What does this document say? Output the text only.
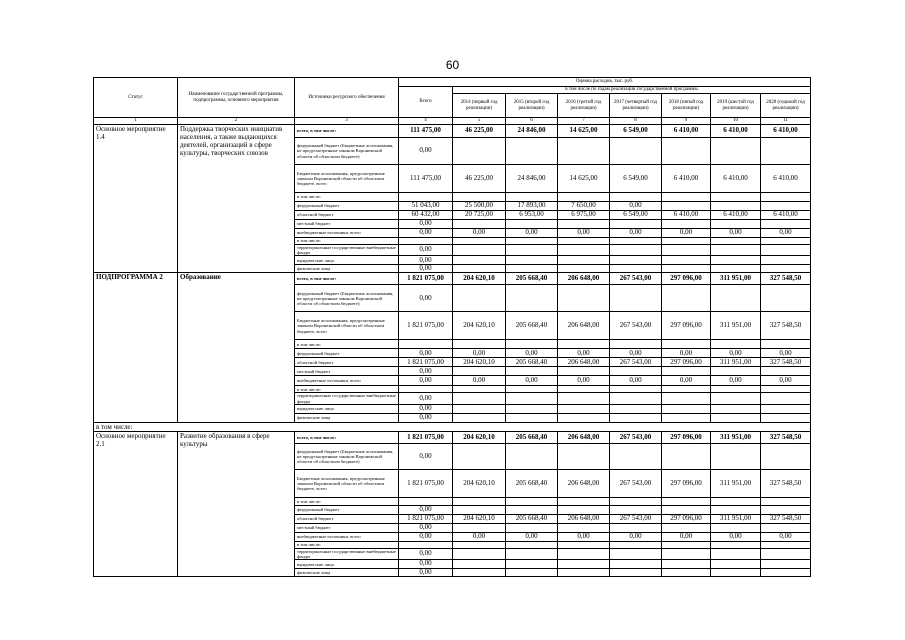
60
Статус	Наименование государственной программы, подпрограммы, основного мероприятия	Источники ресурсного обеспечения	Оценка расходов, тыс. руб.							
			Всего	в том числе по годам реализации государственной программы						
				2014 (первый год реализации)	2015 (второй год реализации)	2016 (третий год реализации)	2017 (четвертый год реализации)	2018 (пятый год реализации)	2019 (шестой год реализации)	2020 (седьмой год реализации)
1	2	3	4	5	6	7	8	9	10	11
Основное мероприятие 1.4	Поддержка творческих инициатив населения, а также выдающихся деятелей, организаций в сфере культуры, творческих союзов	всего, в том числе:	111 475,00	46 225,00	24 846,00	14 625,00	6 549,00	6 410,00	6 410,00	6 410,00
		федеральный бюджет (Бюджетные ассигнования, не предусмотренные законом Воронежской области об областном бюджете)	0,00							
		Бюджетные ассигнования, предусмотренные законом Воронежской области об областном бюджете, всего	111 475,00	46 225,00	24 846,00	14 625,00	6 549,00	6 410,00	6 410,00	6 410,00
		в том числе:								
		федеральный бюджет	51 043,00	25 500,00	17 893,00	7 650,00	0,00			
		областной бюджет	60 432,00	20 725,00	6 953,00	6 975,00	6 549,00	6 410,00	6 410,00	6 410,00
		местный бюджет	0,00							
		внебюджетные источники, всего	0,00	0,00	0,00	0,00	0,00	0,00	0,00	0,00
		в том числе:								
		территориальные государственные внебюджетные фонды	0,00							
		юридические лица	0,00							
		физические лица	0,00							
ПОДПРОГРАММА 2	Образование	всего, в том числе:	1 821 075,00	204 620,10	205 668,40	206 648,00	267 543,00	297 096,00	311 951,00	327 548,50
		федеральный бюджет (Бюджетные ассигнования, не предусмотренные законом Воронежской области об областном бюджете)	0,00							
		Бюджетные ассигнования, предусмотренные законом Воронежской области об областном бюджете, всего	1 821 075,00	204 620,10	205 668,40	206 648,00	267 543,00	297 096,00	311 951,00	327 548,50
		в том числе:								
		федеральный бюджет	0,00	0,00	0,00	0,00	0,00	0,00	0,00	0,00
		областной бюджет	1 821 075,00	204 620,10	205 668,40	206 648,00	267 543,00	297 096,00	311 951,00	327 548,50
		местный бюджет	0,00							
		внебюджетные источники, всего	0,00	0,00	0,00	0,00	0,00	0,00	0,00	0,00
		в том числе:								
		территориальные государственные внебюджетные фонды	0,00							
		юридические лица	0,00							
		физические лица	0,00							
в том числе:										
Основное мероприятие 2.1	Развитие образования в сфере культуры	всего, в том числе:	1 821 075,00	204 620,10	205 668,40	206 648,00	267 543,00	297 096,00	311 951,00	327 548,50
		федеральный бюджет (Бюджетные ассигнования, не предусмотренные законом Воронежской области об областном бюджете)	0,00							
		Бюджетные ассигнования, предусмотренные законом Воронежской области об областном бюджете, всего	1 821 075,00	204 620,10	205 668,40	206 648,00	267 543,00	297 096,00	311 951,00	327 548,50
		в том числе:								
		федеральный бюджет	0,00							
		областной бюджет	1 821 075,00	204 620,10	205 668,40	206 648,00	267 543,00	297 096,00	311 951,00	327 548,50
		местный бюджет	0,00							
		внебюджетные источники, всего	0,00	0,00	0,00	0,00	0,00	0,00	0,00	0,00
		в том числе:								
		территориальные государственные внебюджетные фонды	0,00							
		юридические лица	0,00							
		физические лица	0,00							
